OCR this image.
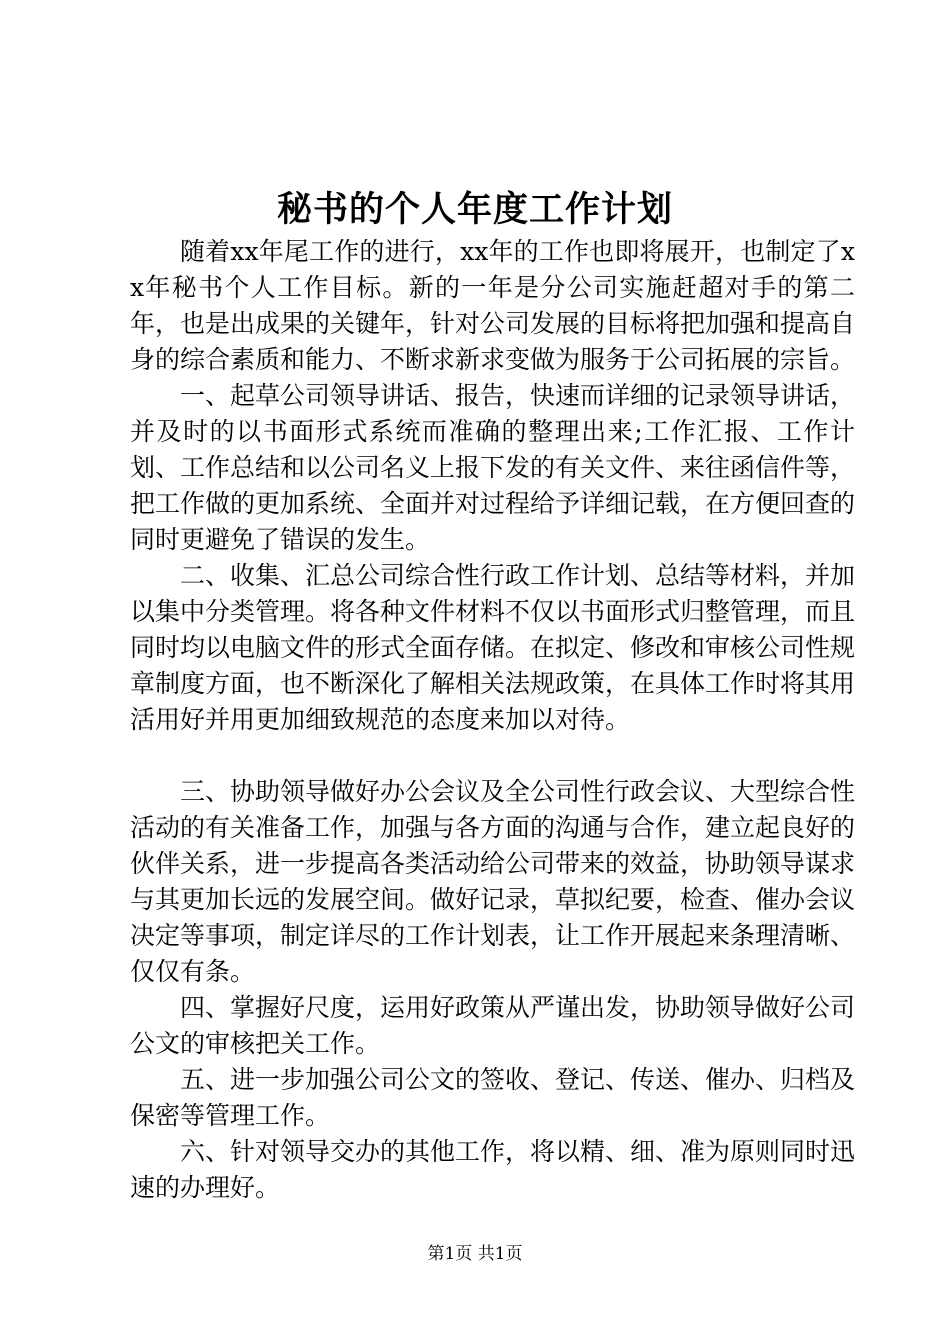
秘书的个人年度工作计划

随着xx年尾工作的进行，xx年的工作也即将展开，也制定了xx年秘书个人工作目标。新的一年是分公司实施赶超对手的第二年，也是出成果的关键年，针对公司发展的目标将把加强和提高自身的综合素质和能力、不断求新求变做为服务于公司拓展的宗旨。

一、起草公司领导讲话、报告，快速而详细的记录领导讲话，并及时的以书面形式系统而准确的整理出来;工作汇报、工作计划、工作总结和以公司名义上报下发的有关文件、来往函信件等，把工作做的更加系统、全面并对过程给予详细记载，在方便回查的同时更避免了错误的发生。

二、收集、汇总公司综合性行政工作计划、总结等材料，并加以集中分类管理。将各种文件材料不仅以书面形式归整管理，而且同时均以电脑文件的形式全面存储。在拟定、修改和审核公司性规章制度方面，也不断深化了解相关法规政策，在具体工作时将其用活用好并用更加细致规范的态度来加以对待。

三、协助领导做好办公会议及全公司性行政会议、大型综合性活动的有关准备工作，加强与各方面的沟通与合作，建立起良好的伙伴关系，进一步提高各类活动给公司带来的效益，协助领导谋求与其更加长远的发展空间。做好记录，草拟纪要，检查、催办会议决定等事项，制定详尽的工作计划表，让工作开展起来条理清晰、仅仅有条。

四、掌握好尺度，运用好政策从严谨出发，协助领导做好公司公文的审核把关工作。

五、进一步加强公司公文的签收、登记、传送、催办、归档及保密等管理工作。

六、针对领导交办的其他工作，将以精、细、准为原则同时迅速的办理好。

第1页 共1页
